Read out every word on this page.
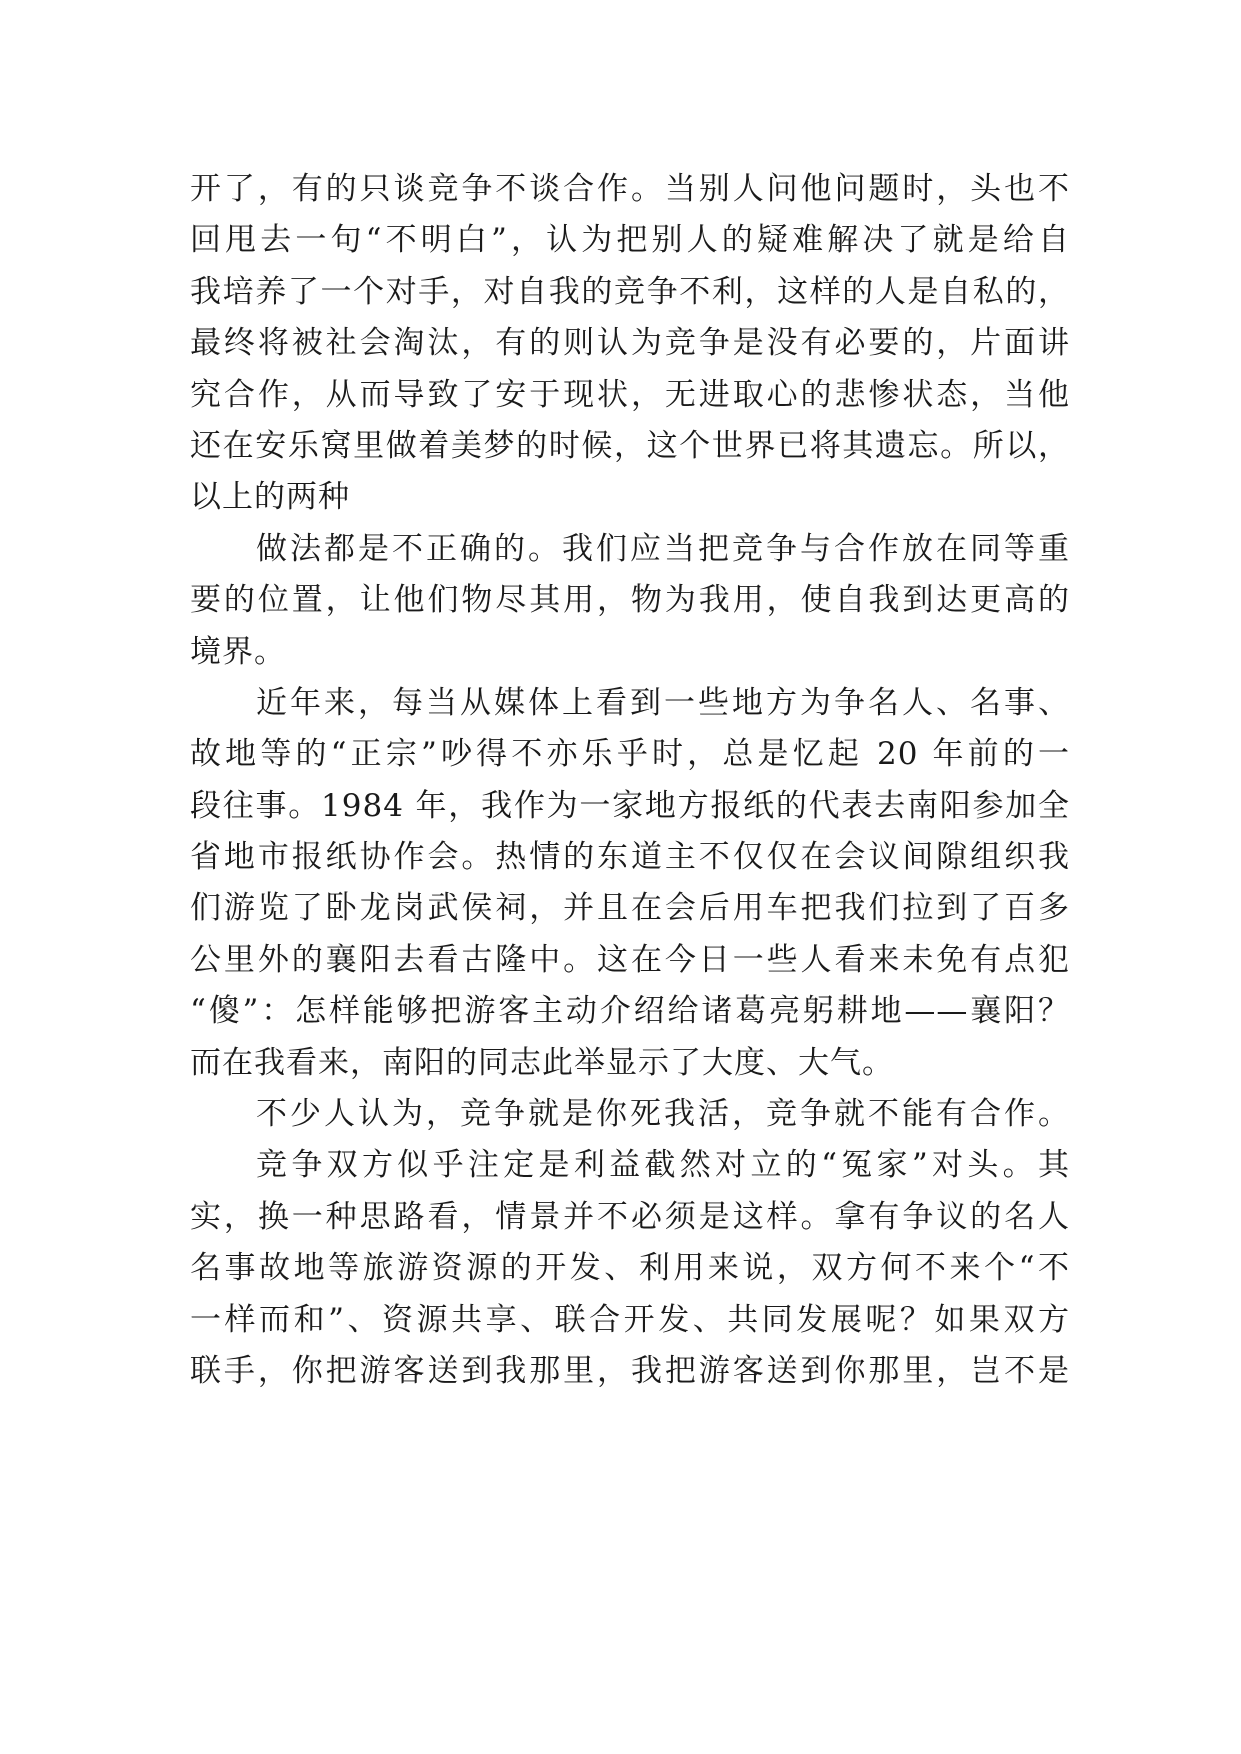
开了，有的只谈竞争不谈合作。当别人问他问题时，头也不
回甩去一句“不明白”，认为把别人的疑难解决了就是给自
我培养了一个对手，对自我的竞争不利，这样的人是自私的，
最终将被社会淘汰，有的则认为竞争是没有必要的，片面讲
究合作，从而导致了安于现状，无进取心的悲惨状态，当他
还在安乐窝里做着美梦的时候，这个世界已将其遗忘。所以，
以上的两种
做法都是不正确的。我们应当把竞争与合作放在同等重
要的位置，让他们物尽其用，物为我用，使自我到达更高的
境界。
近年来，每当从媒体上看到一些地方为争名人、名事、
故地等的“正宗”吵得不亦乐乎时，总是忆起 20 年前的一
段往事。1984 年，我作为一家地方报纸的代表去南阳参加全
省地市报纸协作会。热情的东道主不仅仅在会议间隙组织我
们游览了卧龙岗武侯祠，并且在会后用车把我们拉到了百多
公里外的襄阳去看古隆中。这在今日一些人看来未免有点犯
“傻”：怎样能够把游客主动介绍给诸葛亮躬耕地——襄阳？
而在我看来，南阳的同志此举显示了大度、大气。
不少人认为，竞争就是你死我活，竞争就不能有合作。
竞争双方似乎注定是利益截然对立的“冤家”对头。其
实，换一种思路看，情景并不必须是这样。拿有争议的名人
名事故地等旅游资源的开发、利用来说，双方何不来个“不
一样而和”、资源共享、联合开发、共同发展呢？如果双方
联手，你把游客送到我那里，我把游客送到你那里，岂不是
